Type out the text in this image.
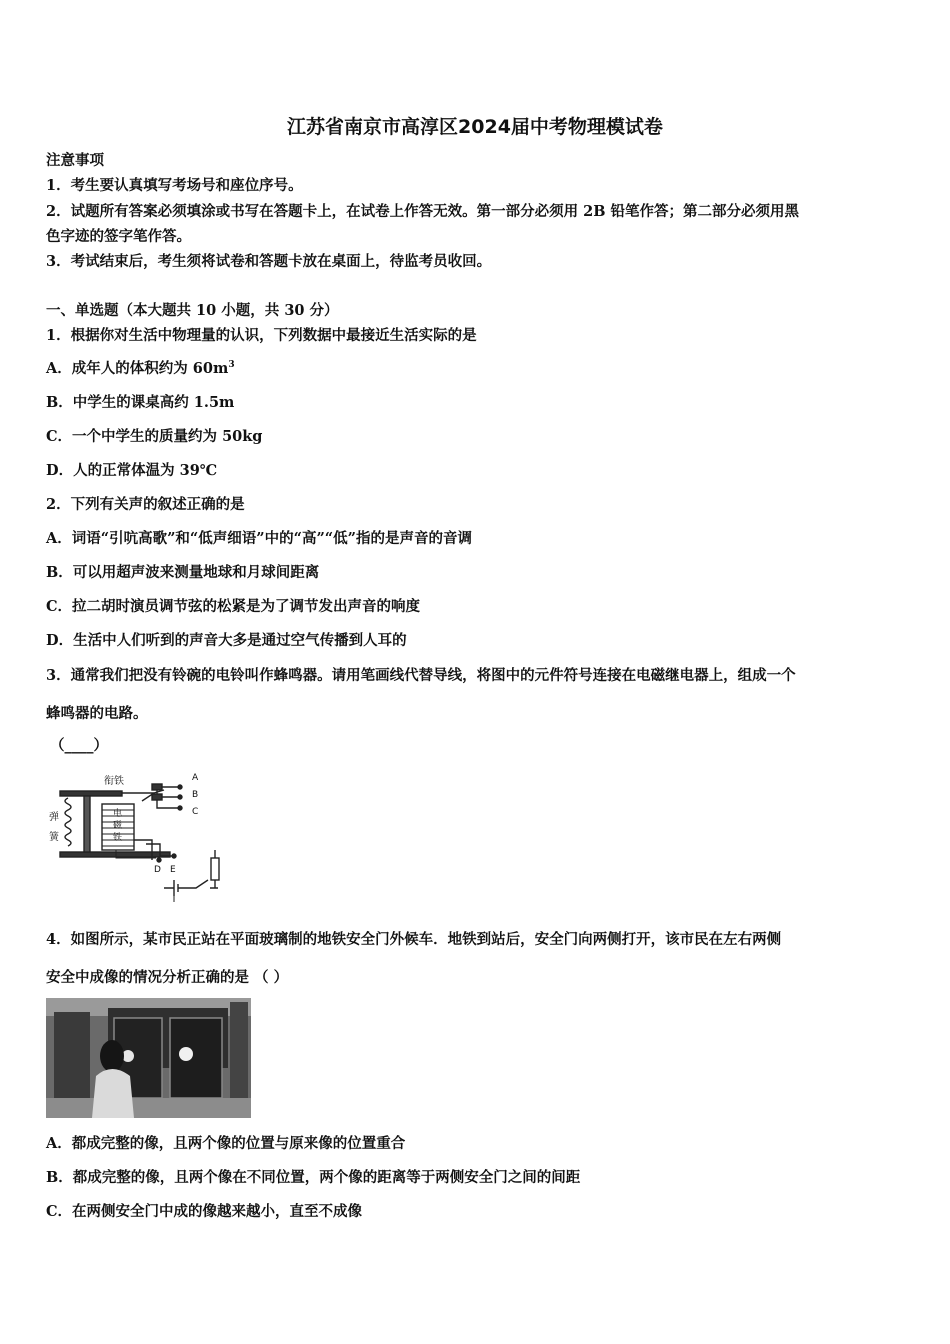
江苏省南京市高淳区2024届中考物理模试卷
注意事项
1．考生要认真填写考场号和座位序号。
2．试题所有答案必须填涂或书写在答题卡上，在试卷上作答无效。第一部分必须用 2B 铅笔作答；第二部分必须用黑
色字迹的签字笔作答。
3．考试结束后，考生须将试卷和答题卡放在桌面上，待监考员收回。
一、单选题（本大题共 10 小题，共 30 分）
1．根据你对生活中物理量的认识，下列数据中最接近生活实际的是
A．成年人的体积约为 $60m^3$
B．中学生的课桌高约 1.5m
C．一个中学生的质量约为 50kg
D．人的正常体温为 39℃
2．下列有关声的叙述正确的是
A．词语“引吭高歌”和“低声细语”中的“高”“低”指的是声音的音调
B．可以用超声波来测量地球和月球间距离
C．拉二胡时演员调节弦的松紧是为了调节发出声音的响度
D．生活中人们听到的声音大多是通过空气传播到人耳的
3．通常我们把没有铃碗的电铃叫作蜂鸣器。请用笔画线代替导线，将图中的元件符号连接在电磁继电器上，组成一个
蜂鸣器的电路。
（____）
衔铁
弹
簧
电
磁
铁
A
B
C
D E
4．如图所示，某市民正站在平面玻璃制的地铁安全门外候车．地铁到站后，安全门向两侧打开，该市民在左右两侧
安全中成像的情况分析正确的是 （ ）
A．都成完整的像，且两个像的位置与原来像的位置重合
B．都成完整的像，且两个像在不同位置，两个像的距离等于两侧安全门之间的间距
C．在两侧安全门中成的像越来越小，直至不成像
